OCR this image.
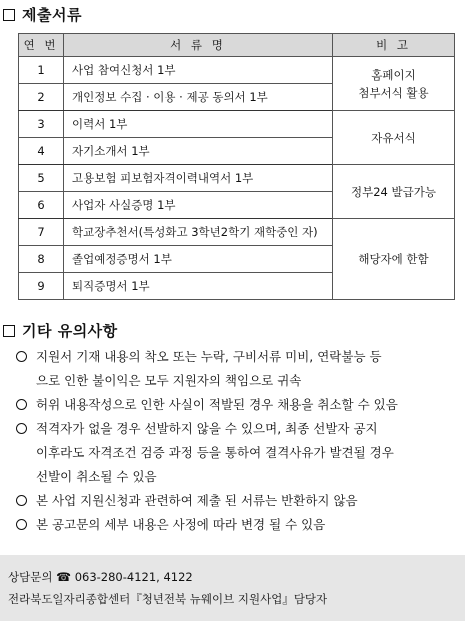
제출서류
연 번	서 류 명	비 고
1	사업 참여신청서 1부	홈페이지
첨부서식 활용

2	개인정보 수집 · 이용 · 제공 동의서 1부	
3	이력서 1부	자유서식
4	자기소개서 1부	
5	고용보험 피보험자격이력내역서 1부	정부24 발급가능
6	사업자 사실증명 1부	
7	학교장추천서(특성화고 3학년2학기 재학중인 자)	해당자에 한함
8	졸업예정증명서 1부	
9	퇴직증명서 1부	
기타 유의사항
지원서 기재 내용의 착오 또는 누락, 구비서류 미비, 연락불능 등
으로 인한 불이익은 모두 지원자의 책임으로 귀속
허위 내용작성으로 인한 사실이 적발된 경우 채용을 취소할 수 있음
적격자가 없을 경우 선발하지 않을 수 있으며, 최종 선발자 공지
이후라도 자격조건 검증 과정 등을 통하여 결격사유가 발견될 경우
선발이 취소될 수 있음
본 사업 지원신청과 관련하여 제출 된 서류는 반환하지 않음
본 공고문의 세부 내용은 사정에 따라 변경 될 수 있음
상담문의 ☎ 063-280-4121, 4122
전라북도일자리종합센터『청년전북 뉴웨이브 지원사업』담당자
